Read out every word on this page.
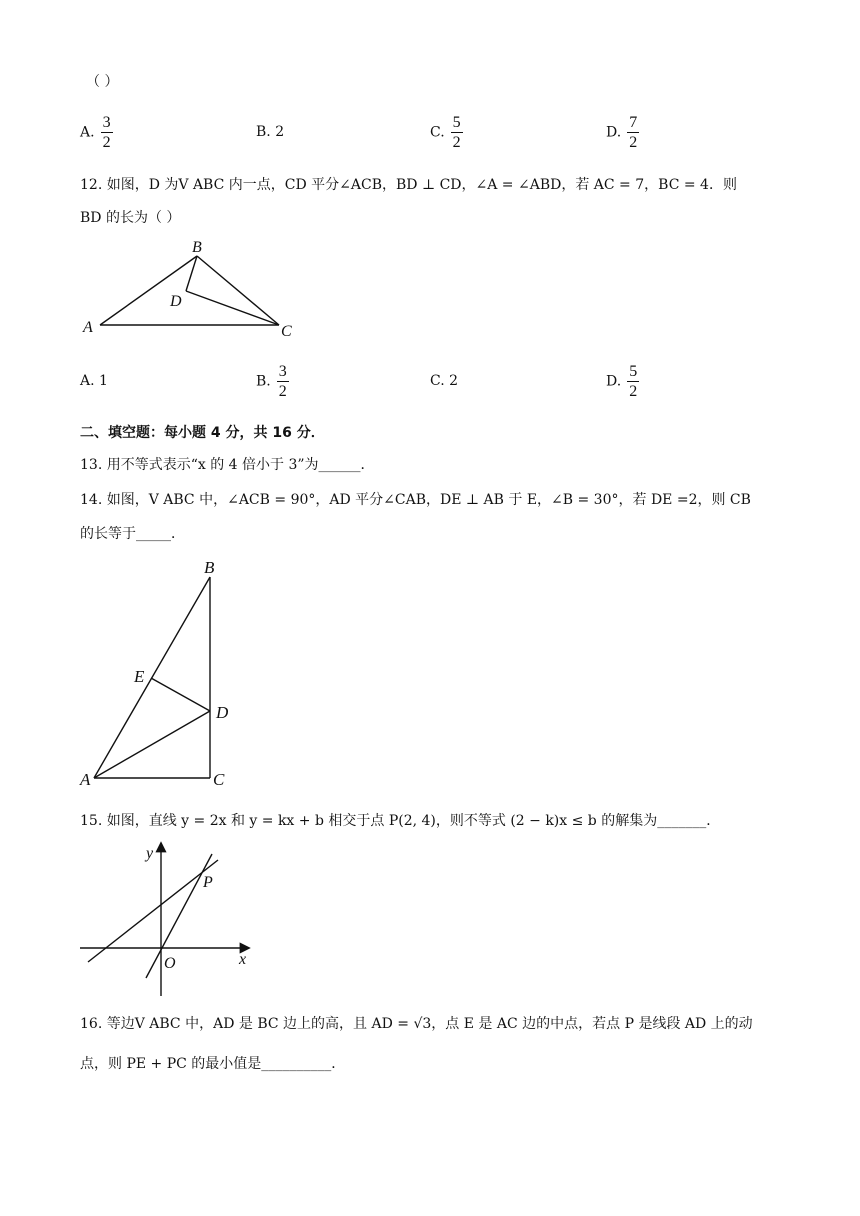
（ ）
A. $\frac{3}{2}$	B. 2	C. $\frac{5}{2}$	D. $\frac{7}{2}$
12. 如图，D 为V ABC 内一点，CD 平分∠ACB，BD ⊥ CD，∠A = ∠ABD，若 AC = 7，BC = 4．则
BD 的长为（ ）
B
D
A	C
A. 1	B. $\frac{3}{2}$	C. 2	D. $\frac{5}{2}$
二、填空题：每小题 4 分，共 16 分．
13. 用不等式表示“x 的 4 倍小于 3”为______．
14. 如图，V ABC 中，∠ACB = 90°，AD 平分∠CAB，DE ⊥ AB 于 E，∠B = 30°，若 DE =2，则 CB
的长等于_____．
B
E
D
A	C
15. 如图，直线 y = 2x 和 y = kx + b 相交于点 P(2, 4)，则不等式 (2 − k)x ≤ b 的解集为_______．
y
x
O
P
16. 等边V ABC 中，AD 是 BC 边上的高，且 AD = √3，点 E 是 AC 边的中点，若点 P 是线段 AD 上的动
点，则 PE + PC 的最小值是__________．
